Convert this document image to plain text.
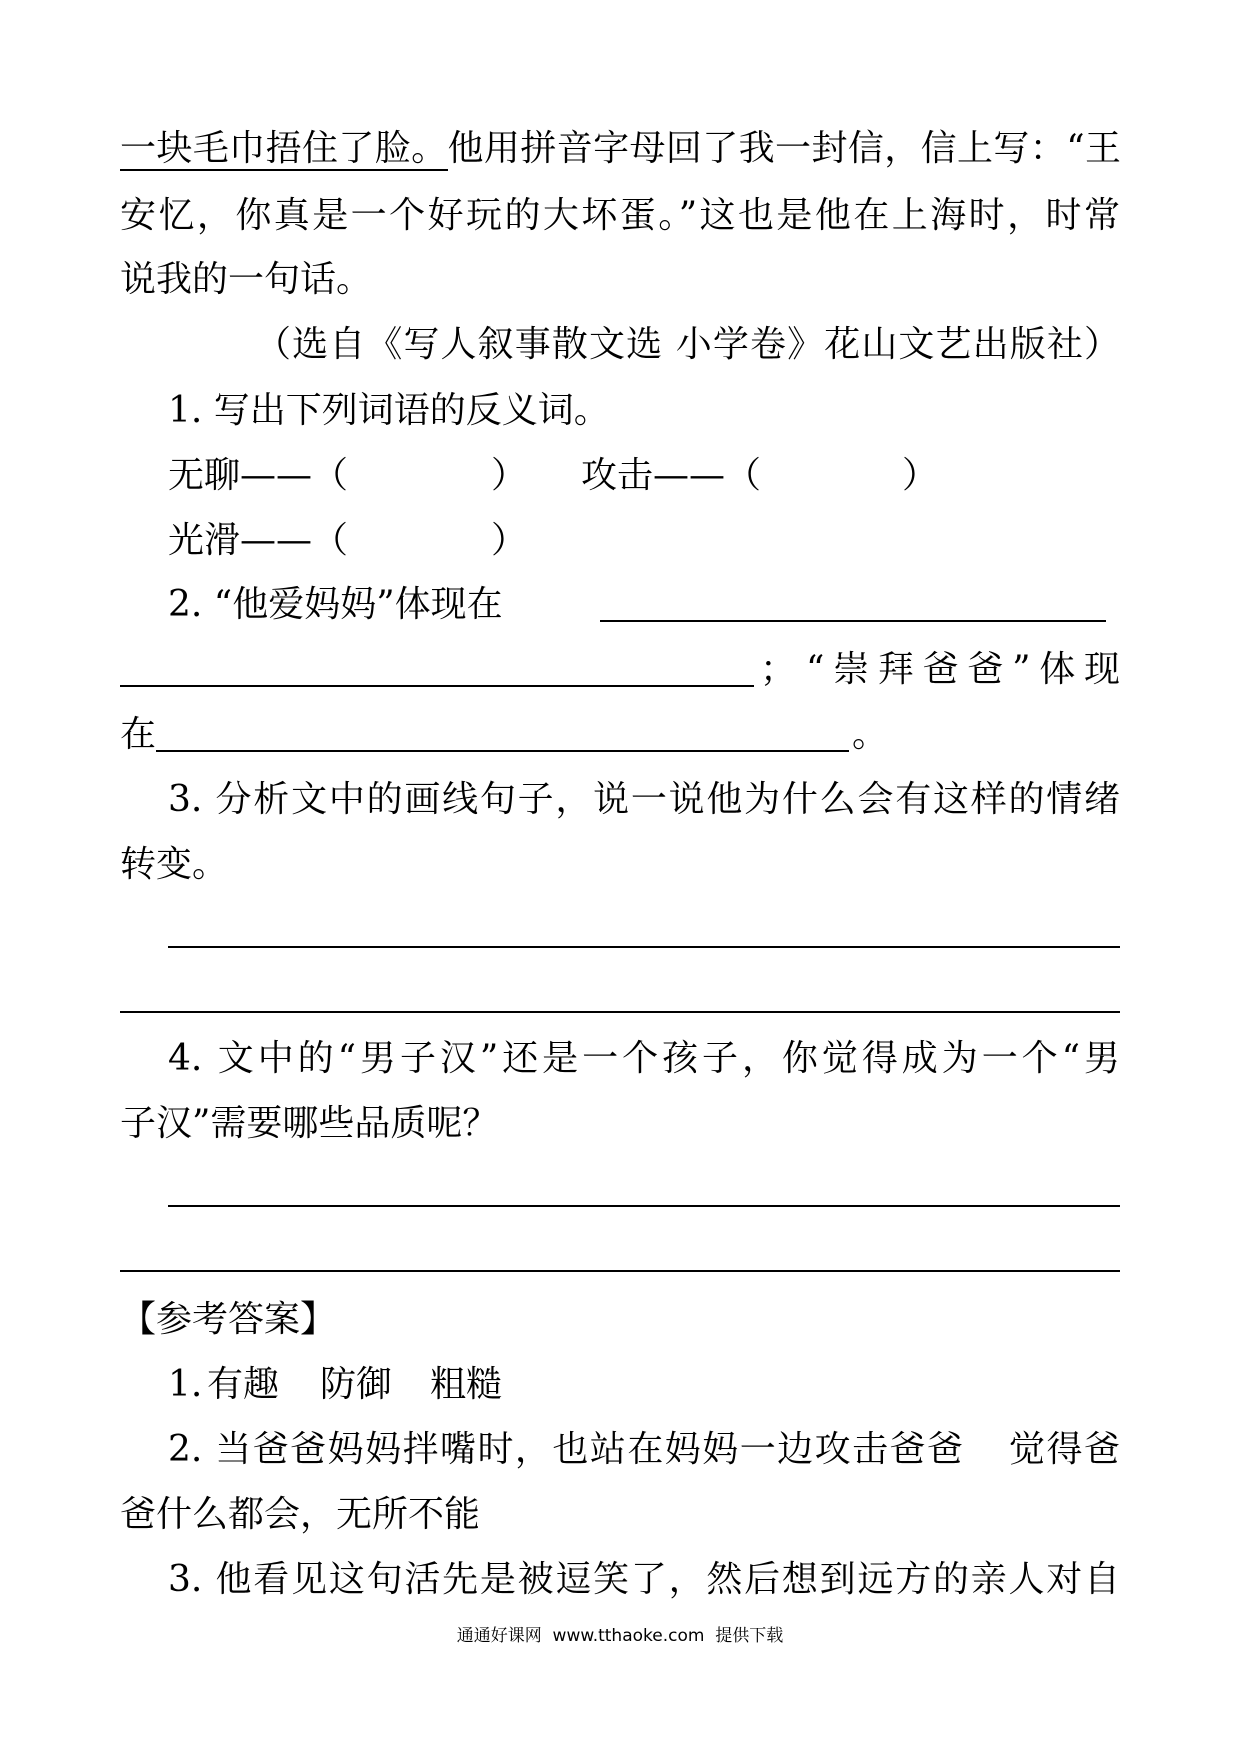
一块毛巾捂住了脸。他用拼音字母回了我一封信，信上写：“王
安忆，你真是一个好玩的大坏蛋。”这也是他在上海时，时常
说我的一句话。
（选自《写人叙事散文选 小学卷》花山文艺出版社）
1. 写出下列词语的反义词。
无聊——（	） 攻击——（	）
光滑——（	）
2. “他爱妈妈”体现在
； “崇拜爸爸”体现
在	。
3. 分析文中的画线句子，说一说他为什么会有这样的情绪
转变。
4. 文中的“男子汉”还是一个孩子，你觉得成为一个“男
子汉”需要哪些品质呢？
【参考答案】
1. 有趣 防御 粗糙
2. 当爸爸妈妈拌嘴时，也站在妈妈一边攻击爸爸 觉得爸
爸什么都会，无所不能
3. 他看见这句活先是被逗笑了，然后想到远方的亲人对自
通通好课网  www.tthaoke.com  提供下载
